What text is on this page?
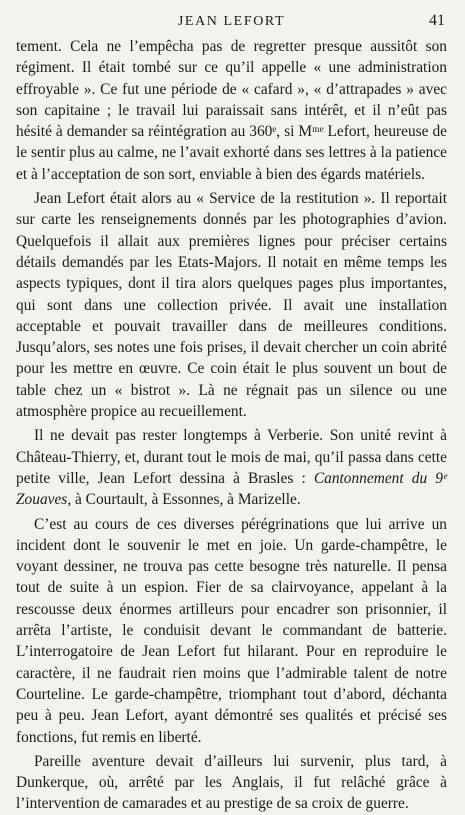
JEAN LEFORT	41

tement. Cela ne l’empêcha pas de regretter presque aussitôt son régiment. Il était tombé sur ce qu’il appelle « une administration effroyable ». Ce fut une période de « cafard », « d’attrapades » avec son capitaine ; le travail lui paraissait sans intérêt, et il n’eût pas hésité à demander sa réintégration au 360ᵉ, si Mᵐᵉ Lefort, heureuse de le sentir plus au calme, ne l’avait exhorté dans ses lettres à la patience et à l’acceptation de son sort, enviable à bien des égards matériels.

Jean Lefort était alors au « Service de la restitution ». Il reportait sur carte les renseignements donnés par les photographies d’avion. Quelquefois il allait aux premières lignes pour préciser certains détails demandés par les Etats-Majors. Il notait en même temps les aspects typiques, dont il tira alors quelques pages plus importantes, qui sont dans une collection privée. Il avait une installation acceptable et pouvait travailler dans de meilleures conditions. Jusqu’alors, ses notes une fois prises, il devait chercher un coin abrité pour les mettre en œuvre. Ce coin était le plus souvent un bout de table chez un « bistrot ». Là ne régnait pas un silence ou une atmosphère propice au recueillement.

Il ne devait pas rester longtemps à Verberie. Son unité revint à Château-Thierry, et, durant tout le mois de mai, qu’il passa dans cette petite ville, Jean Lefort dessina à Brasles : Cantonnement du 9ᵉ Zouaves, à Courtault, à Essonnes, à Marizelle.

C’est au cours de ces diverses pérégrinations que lui arrive un incident dont le souvenir le met en joie. Un garde-champêtre, le voyant dessiner, ne trouva pas cette besogne très naturelle. Il pensa tout de suite à un espion. Fier de sa clairvoyance, appelant à la rescousse deux énormes artilleurs pour encadrer son prisonnier, il arrêta l’artiste, le conduisit devant le commandant de batterie. L’interrogatoire de Jean Lefort fut hilarant. Pour en reproduire le caractère, il ne faudrait rien moins que l’admirable talent de notre Courteline. Le garde-champêtre, triomphant tout d’abord, déchanta peu à peu. Jean Lefort, ayant démontré ses qualités et précisé ses fonctions, fut remis en liberté.

Pareille aventure devait d’ailleurs lui survenir, plus tard, à Dunkerque, où, arrêté par les Anglais, il fut relâché grâce à l’intervention de camarades et au prestige de sa croix de guerre.
